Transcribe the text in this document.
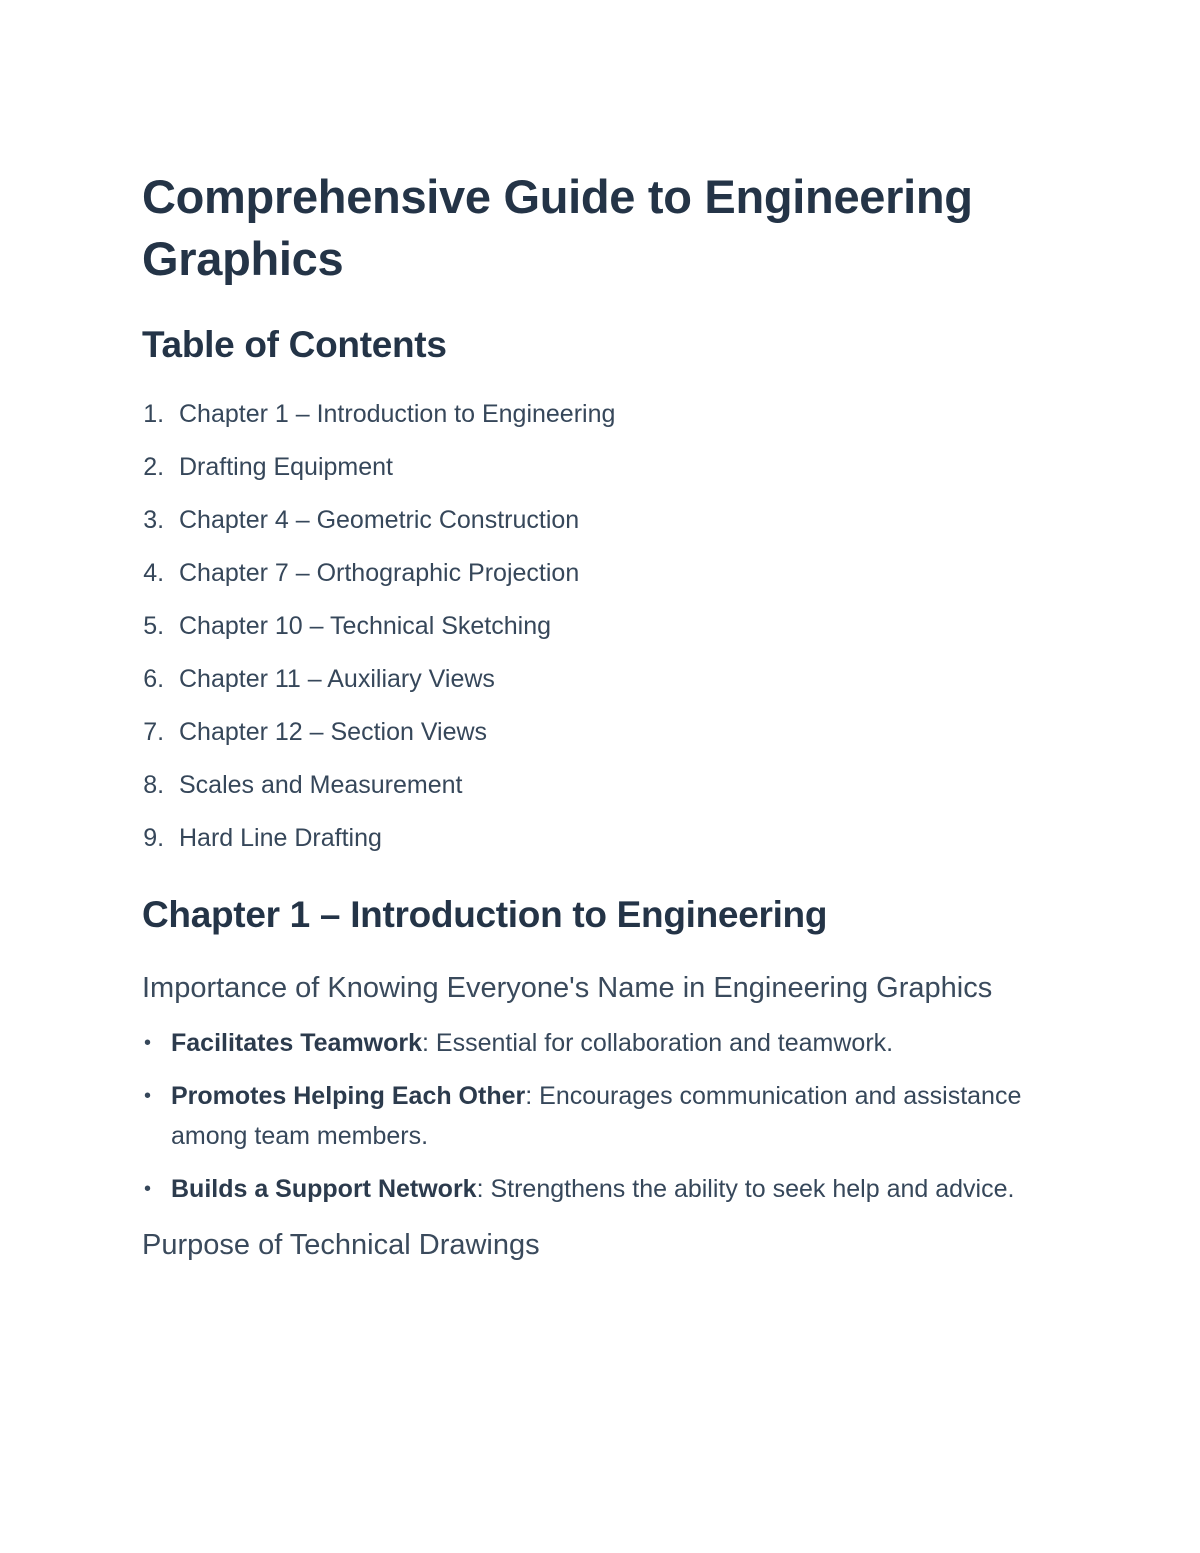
Comprehensive Guide to Engineering Graphics
Table of Contents
1 . Chapter 1 – Introduction to Engineering
2 . Drafting Equipment
3 . Chapter 4 – Geometric Construction
4 . Chapter 7 – Orthographic Projection
5 . Chapter 10 – Technical Sketching
6 . Chapter 11 – Auxiliary Views
7 . Chapter 12 – Section Views
8 . Scales and Measurement
9 . Hard Line Drafting
Chapter 1 – Introduction to Engineering
Importance of Knowing Everyone's Name in Engineering Graphics
• Facilitates Teamwork: Essential for collaboration and teamwork.
• Promotes Helping Each Other: Encourages communication and assistance among team members.
• Builds a Support Network: Strengthens the ability to seek help and advice.
Purpose of Technical Drawings
